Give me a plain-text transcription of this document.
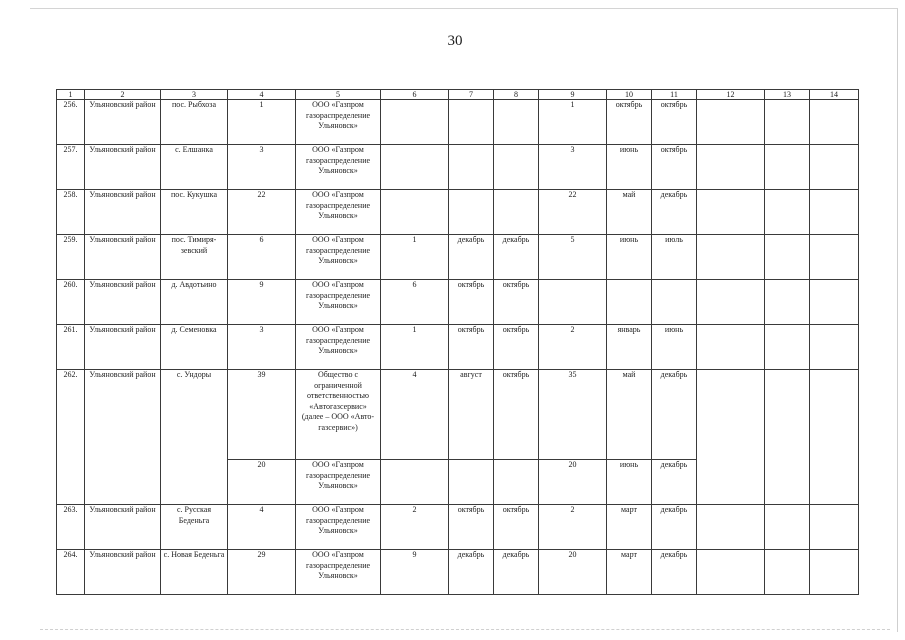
30
1	2	3	4	5	6	7	8	9	10	11	12	13	14
256.	Ульяновский район	пос. Рыбхоза	1	ООО «Газпром газораспределение Ульяновск»				1	октябрь	октябрь			
257.	Ульяновский район	с. Елшанка	3	ООО «Газпром газораспределение Ульяновск»				3	июнь	октябрь			
258.	Ульяновский район	пос. Кукушка	22	ООО «Газпром газораспределение Ульяновск»				22	май	декабрь			
259.	Ульяновский район	пос. Тимирязевский	6	ООО «Газпром газораспределение Ульяновск»	1	декабрь	декабрь	5	июнь	июль			
260.	Ульяновский район	д. Авдотьино	9	ООО «Газпром газораспределение Ульяновск»	6	октябрь	октябрь						
261.	Ульяновский район	д. Семеновка	3	ООО «Газпром газораспределение Ульяновск»	1	октябрь	октябрь	2	январь	июнь			
262.	Ульяновский район	с. Ундоры	39	Общество с ограниченной ответственностью «Автогазсервис» (далее – ООО «Автогазсервис»)	4	август	октябрь	35	май	декабрь			
			20	ООО «Газпром газораспределение Ульяновск»				20	июнь	декабрь			
263.	Ульяновский район	с. Русская Беденьга	4	ООО «Газпром газораспределение Ульяновск»	2	октябрь	октябрь	2	март	декабрь			
264.	Ульяновский район	с. Новая Беденьга	29	ООО «Газпром газораспределение Ульяновск»	9	декабрь	декабрь	20	март	декабрь			
